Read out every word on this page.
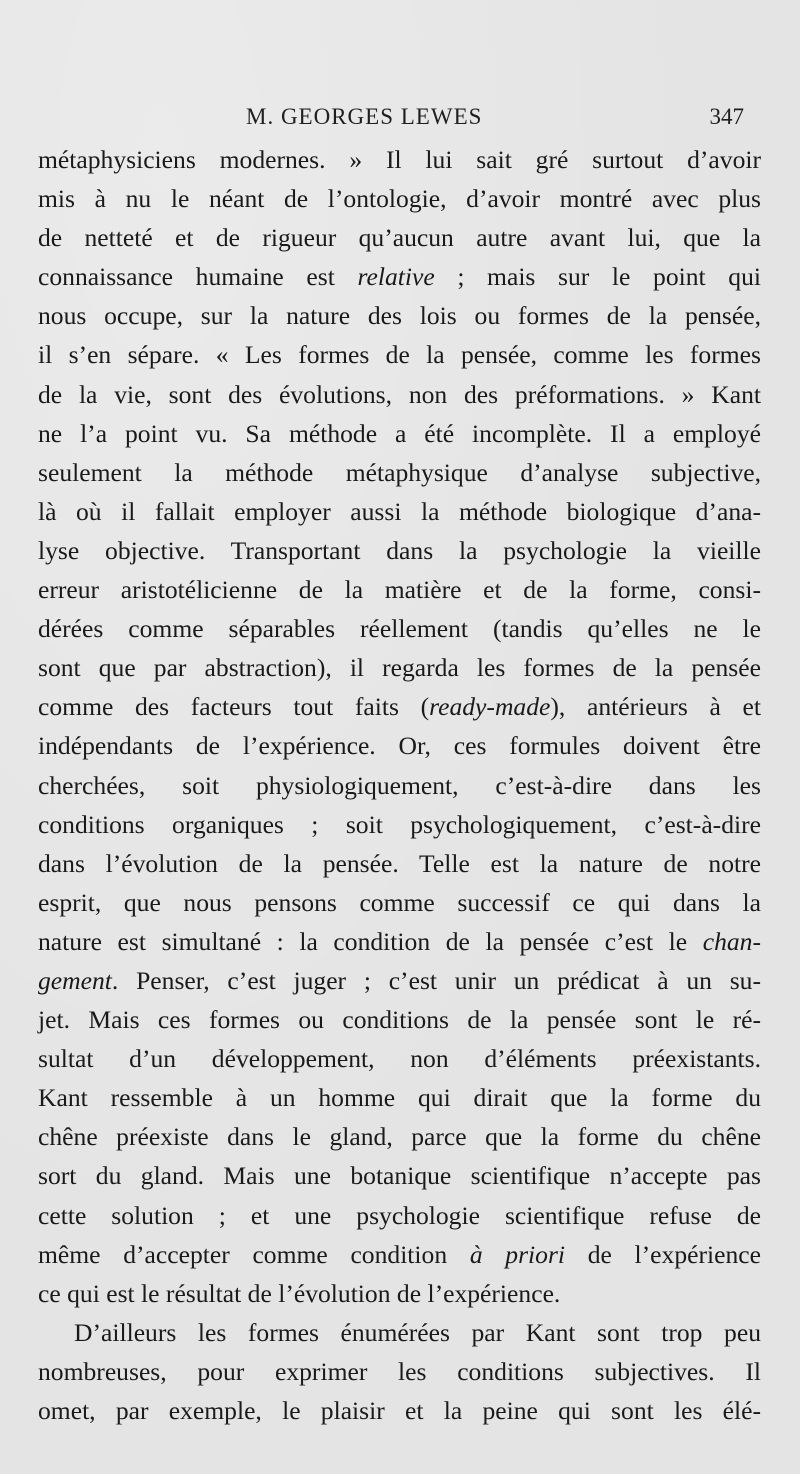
M. GEORGES LEWES	347
métaphysiciens modernes. » Il lui sait gré surtout d’avoir
mis à nu le néant de l’ontologie, d’avoir montré avec plus
de netteté et de rigueur qu’aucun autre avant lui, que la
connaissance humaine est relative ; mais sur le point qui
nous occupe, sur la nature des lois ou formes de la pensée,
il s’en sépare. « Les formes de la pensée, comme les formes
de la vie, sont des évolutions, non des préformations. » Kant
ne l’a point vu. Sa méthode a été incomplète. Il a employé
seulement la méthode métaphysique d’analyse subjective,
là où il fallait employer aussi la méthode biologique d’ana-
lyse objective. Transportant dans la psychologie la vieille
erreur aristotélicienne de la matière et de la forme, consi-
dérées comme séparables réellement (tandis qu’elles ne le
sont que par abstraction), il regarda les formes de la pensée
comme des facteurs tout faits (ready-made), antérieurs à et
indépendants de l’expérience. Or, ces formules doivent être
cherchées, soit physiologiquement, c’est-à-dire dans les
conditions organiques ; soit psychologiquement, c’est-à-dire
dans l’évolution de la pensée. Telle est la nature de notre
esprit, que nous pensons comme successif ce qui dans la
nature est simultané : la condition de la pensée c’est le chan-
gement. Penser, c’est juger ; c’est unir un prédicat à un su-
jet. Mais ces formes ou conditions de la pensée sont le ré-
sultat d’un développement, non d’éléments préexistants.
Kant ressemble à un homme qui dirait que la forme du
chêne préexiste dans le gland, parce que la forme du chêne
sort du gland. Mais une botanique scientifique n’accepte pas
cette solution ; et une psychologie scientifique refuse de
même d’accepter comme condition à priori de l’expérience
ce qui est le résultat de l’évolution de l’expérience.
D’ailleurs les formes énumérées par Kant sont trop peu
nombreuses, pour exprimer les conditions subjectives. Il
omet, par exemple, le plaisir et la peine qui sont les élé-
